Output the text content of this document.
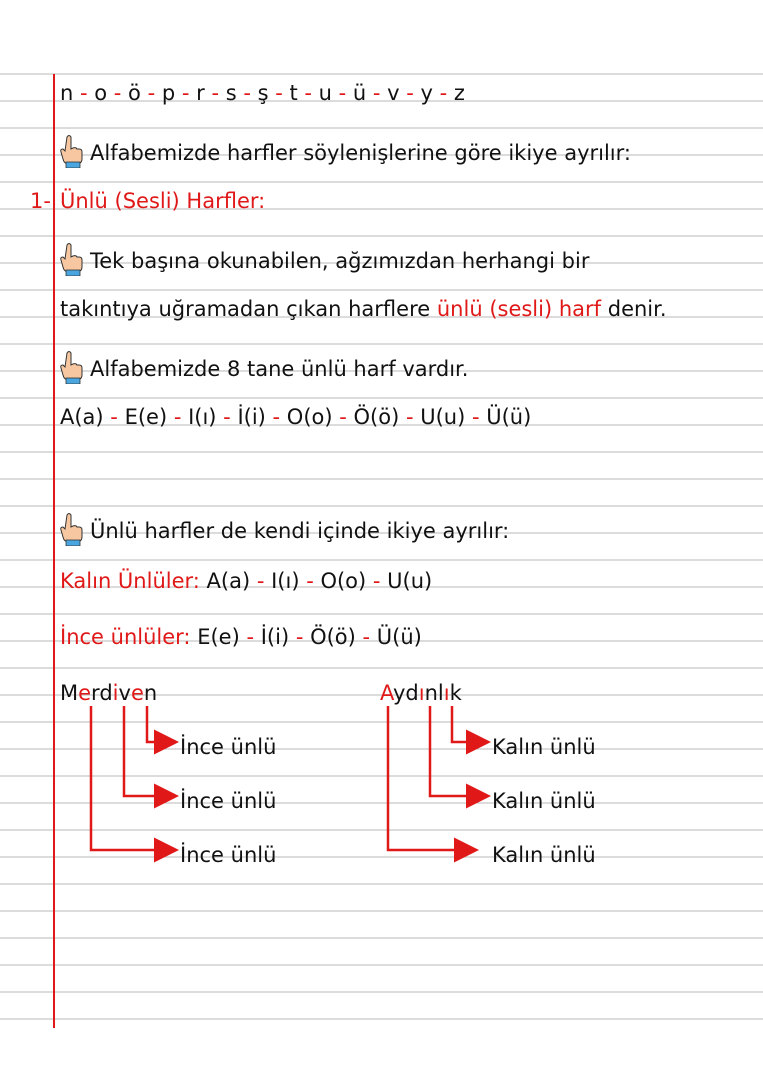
n - o - ö - p - r - s - ş - t - u - ü - v - y - z
Alfabemizde harfler söylenişlerine göre ikiye ayrılır:
1- Ünlü (Sesli) Harfler:
Tek başına okunabilen, ağzımızdan herhangi bir
takıntıya uğramadan çıkan harflere ünlü (sesli) harf denir.
Alfabemizde 8 tane ünlü harf vardır.
A(a) - E(e) - I(ı) - İ(i) - O(o) - Ö(ö) - U(u) - Ü(ü)
Ünlü harfler de kendi içinde ikiye ayrılır:
Kalın Ünlüler: A(a) - I(ı) - O(o) - U(u)
İnce ünlüler: E(e) - İ(i) - Ö(ö) - Ü(ü)
Merdiven	Aydınlık
İnce ünlü
İnce ünlü
İnce ünlü
Kalın ünlü
Kalın ünlü
Kalın ünlü
